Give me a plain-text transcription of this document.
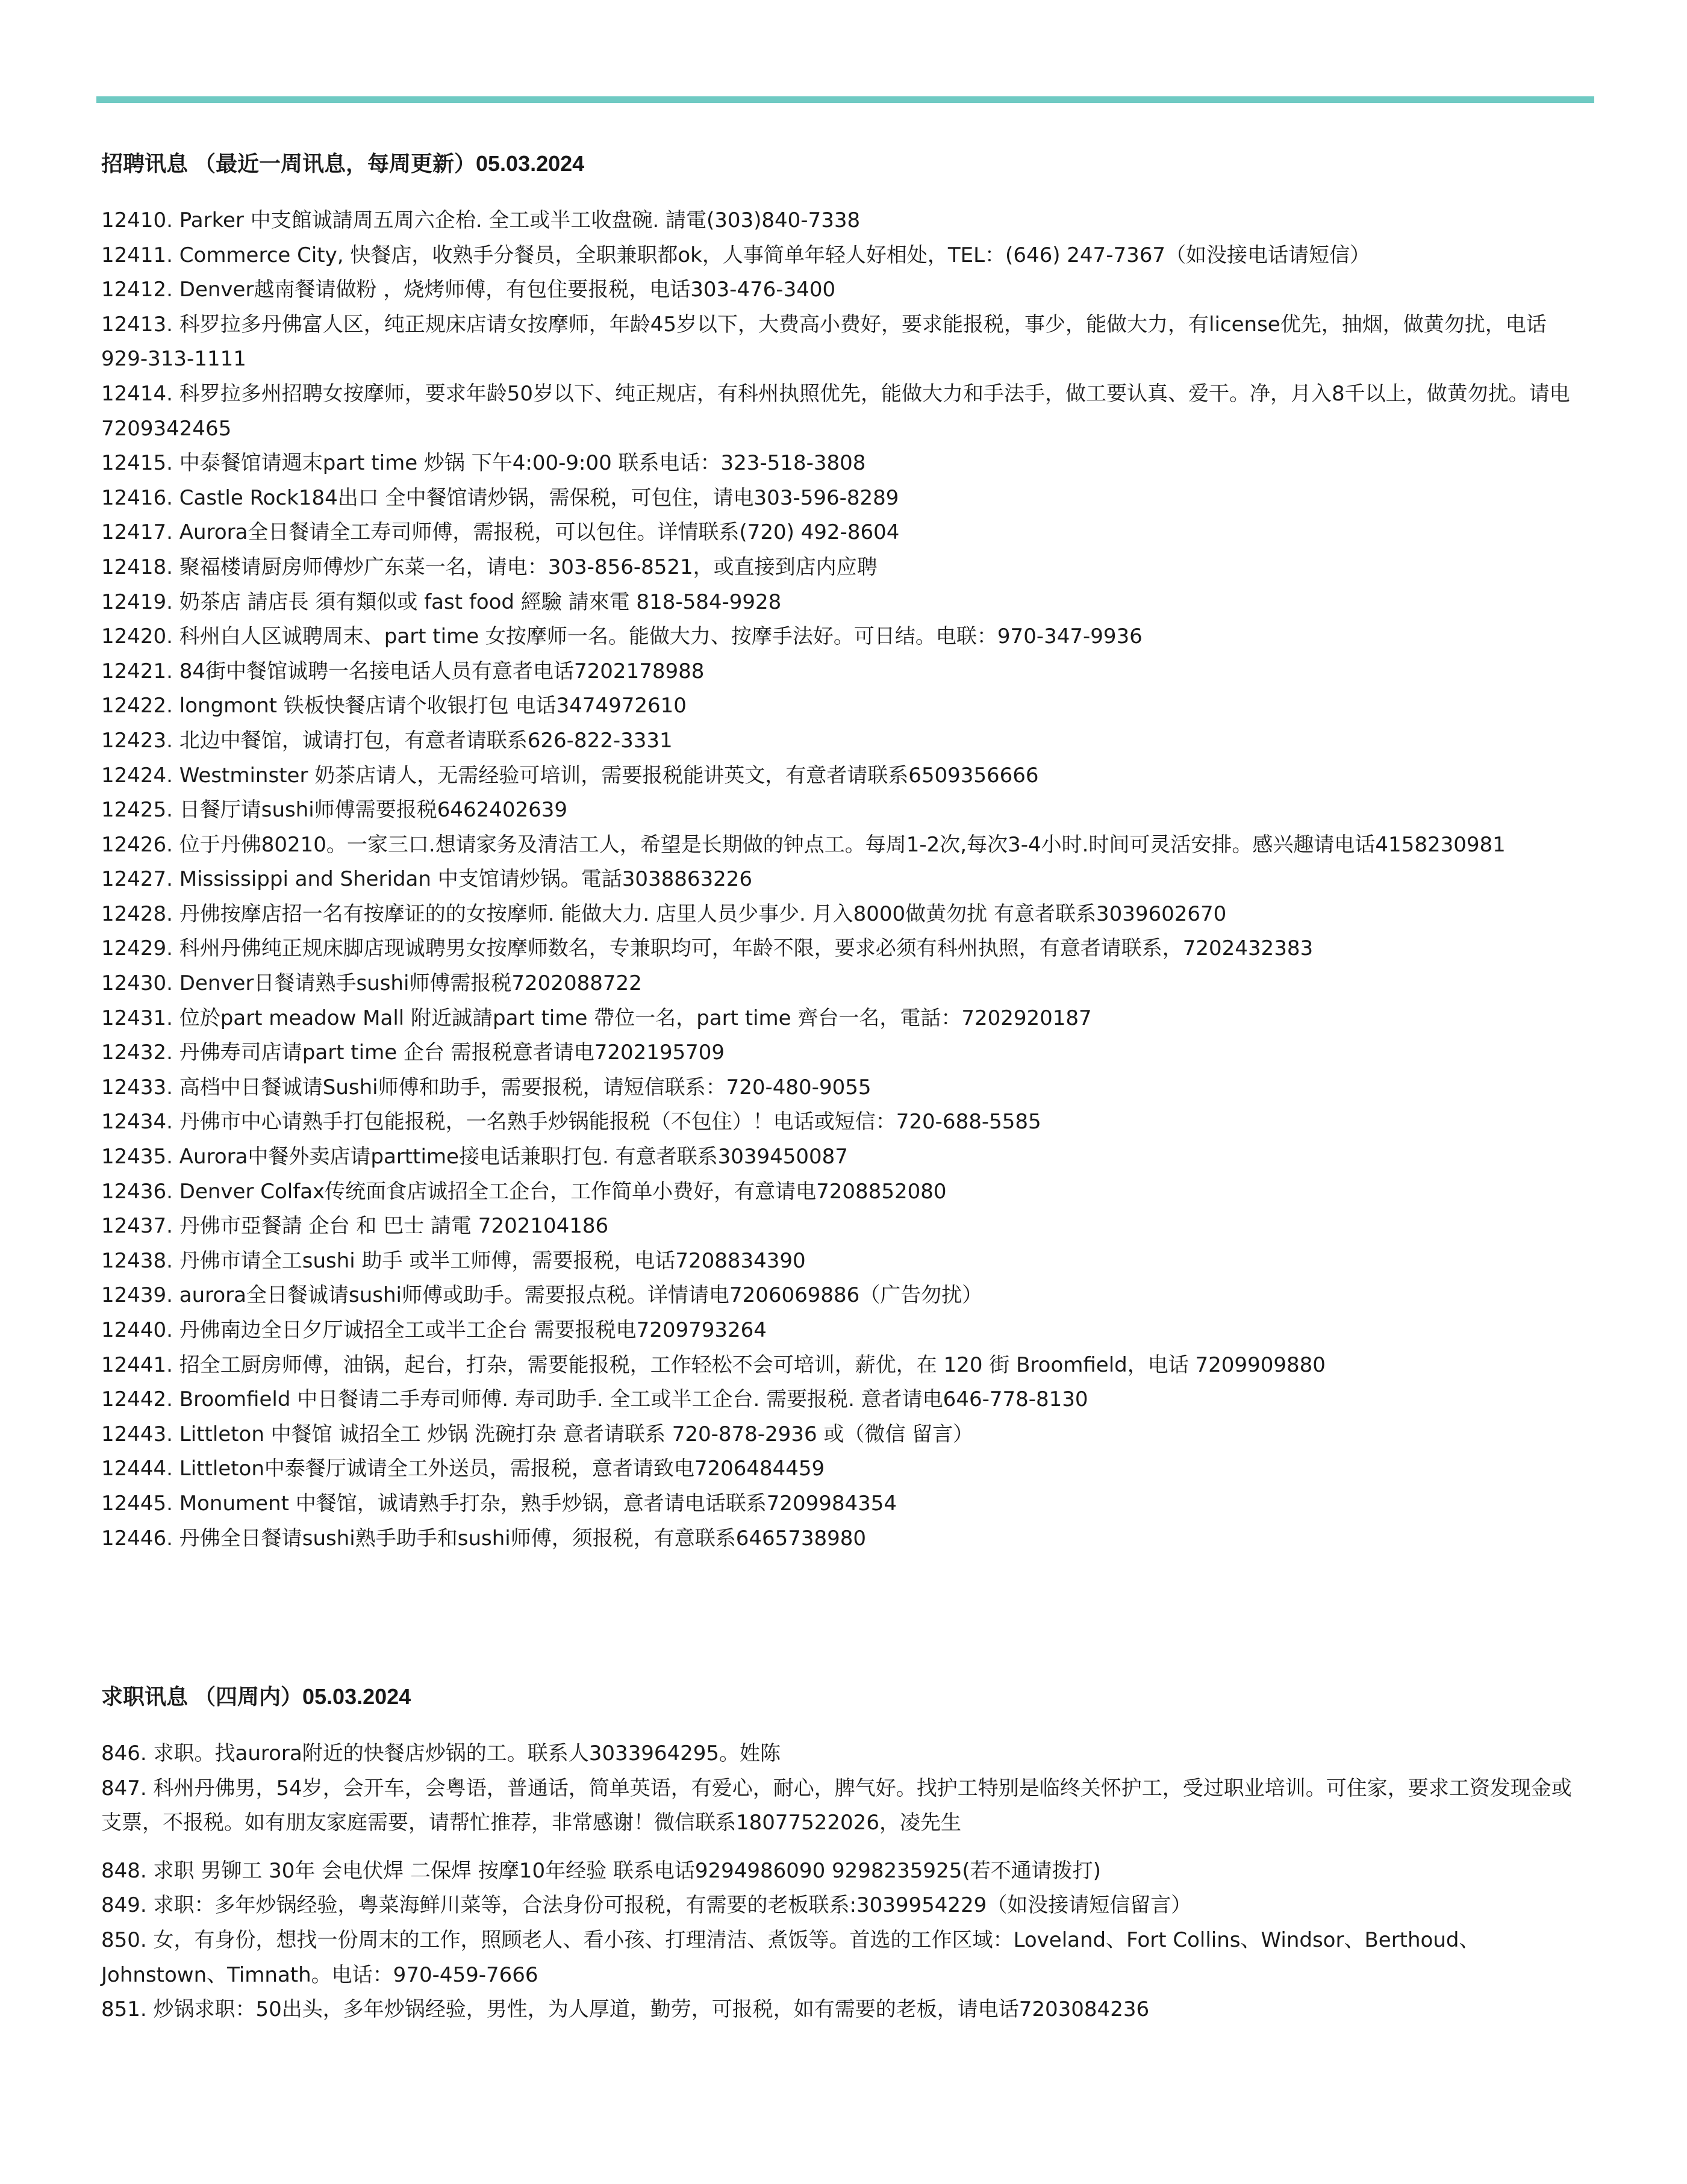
招聘讯息 （最近一周讯息，每周更新）05.03.2024
12410. Parker 中支館诚請周五周六企枱. 全工或半工收盘碗. 請電(303)840-7338
12411. Commerce City, 快餐店，收熟手分餐员，全职兼职都ok，人事简单年轻人好相处，TEL：(646) 247-7367（如没接电话请短信）
12412. Denver越南餐请做粉 ，烧烤师傅，有包住要报税，电话303-476-3400
12413. 科罗拉多丹佛富人区，纯正规床店请女按摩师，年龄45岁以下，大费高小费好，要求能报税，事少，能做大力，有license优先，抽烟，做黄勿扰，电话929-313-1111
12414. 科罗拉多州招聘女按摩师，要求年龄50岁以下、纯正规店，有科州执照优先，能做大力和手法手，做工要认真、爱干。净，月入8千以上，做黄勿扰。请电7209342465
12415. 中泰餐馆请週末part time 炒锅 下午4:00-9:00 联系电话：323-518-3808
12416. Castle Rock184出口 全中餐馆请炒锅，需保税，可包住，请电303-596-8289
12417. Aurora全日餐请全工寿司师傅，需报税，可以包住。详情联系(720) 492-8604
12418. 聚福楼请厨房师傅炒广东菜一名，请电：303-856-8521，或直接到店内应聘
12419. 奶茶店 請店長 須有類似或 fast food 經驗 請來電 818-584-9928
12420. 科州白人区诚聘周末、part time 女按摩师一名。能做大力、按摩手法好。可日结。电联：970-347-9936
12421. 84街中餐馆诚聘一名接电话人员有意者电话7202178988
12422. longmont 铁板快餐店请个收银打包 电话3474972610
12423. 北边中餐馆，诚请打包，有意者请联系626-822-3331
12424. Westminster 奶茶店请人，无需经验可培训，需要报税能讲英文，有意者请联系6509356666
12425. 日餐厅请sushi师傅需要报税6462402639
12426. 位于丹佛80210。一家三口.想请家务及清洁工人，希望是长期做的钟点工。每周1-2次,每次3-4小时.时间可灵活安排。感兴趣请电话4158230981
12427. Mississippi and Sheridan 中支馆请炒锅。電話3038863226
12428. 丹佛按摩店招一名有按摩证的的女按摩师. 能做大力. 店里人员少事少. 月入8000做黄勿扰 有意者联系3039602670
12429. 科州丹佛纯正规床脚店现诚聘男女按摩师数名，专兼职均可，年龄不限，要求必须有科州执照，有意者请联系，7202432383
12430. Denver日餐请熟手sushi师傅需报税7202088722
12431. 位於part meadow Mall 附近誠請part time 帶位一名，part time 齊台一名，電話：7202920187
12432. 丹佛寿司店请part time 企台 需报税意者请电7202195709
12433. 高档中日餐诚请Sushi师傅和助手，需要报税，请短信联系：720-480-9055
12434. 丹佛市中心请熟手打包能报税，一名熟手炒锅能报税（不包住）！电话或短信：720-688-5585
12435. Aurora中餐外卖店请parttime接电话兼职打包. 有意者联系3039450087
12436. Denver Colfax传统面食店诚招全工企台，工作简单小费好，有意请电7208852080
12437. 丹佛市亞餐請 企台 和 巴士 請電 7202104186
12438. 丹佛市请全工sushi 助手 或半工师傅，需要报税，电话7208834390
12439. aurora全日餐诚请sushi师傅或助手。需要报点税。详情请电7206069886（广告勿扰）
12440. 丹佛南边全日夕厅诚招全工或半工企台 需要报税电7209793264
12441. 招全工厨房师傅，油锅，起台，打杂，需要能报税，工作轻松不会可培训，薪优，在 120 街 Broomfield，电话 7209909880
12442. Broomfield 中日餐请二手寿司师傅. 寿司助手. 全工或半工企台. 需要报税. 意者请电646-778-8130
12443. Littleton 中餐馆 诚招全工 炒锅 洗碗打杂 意者请联系 720-878-2936 或（微信 留言）
12444. Littleton中泰餐厅诚请全工外送员，需报税，意者请致电7206484459
12445. Monument 中餐馆，诚请熟手打杂，熟手炒锅，意者请电话联系7209984354
12446. 丹佛全日餐请sushi熟手助手和sushi师傅，须报税，有意联系6465738980
求职讯息 （四周内）05.03.2024
846. 求职。找aurora附近的快餐店炒锅的工。联系人3033964295。姓陈
847. 科州丹佛男，54岁，会开车，会粤语，普通话，简单英语，有爱心，耐心，脾气好。找护工特别是临终关怀护工，受过职业培训。可住家，要求工资发现金或支票，不报税。如有朋友家庭需要，请帮忙推荐，非常感谢！微信联系18077522026，凌先生
848. 求职 男铆工 30年 会电伏焊 二保焊 按摩10年经验 联系电话9294986090 9298235925(若不通请拨打)
849. 求职：多年炒锅经验，粤菜海鲜川菜等，合法身份可报税，有需要的老板联系:3039954229（如没接请短信留言）
850. 女，有身份，想找一份周末的工作，照顾老人、看小孩、打理清洁、煮饭等。首选的工作区域：Loveland、Fort Collins、Windsor、Berthoud、Johnstown、Timnath。电话：970-459-7666
851. 炒锅求职：50出头，多年炒锅经验，男性，为人厚道，勤劳，可报税，如有需要的老板，请电话7203084236
